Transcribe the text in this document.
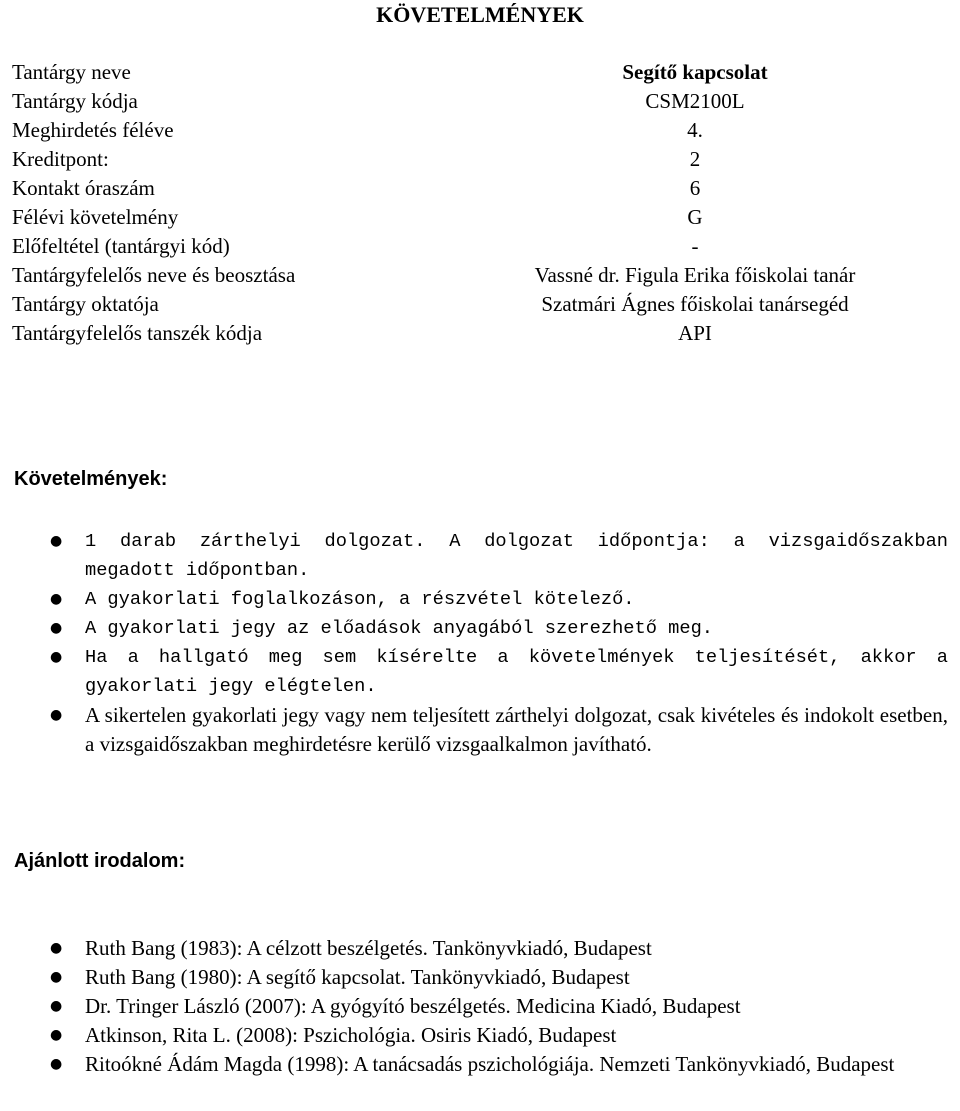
KÖVETELMÉNYEK
Tantárgy neve	Segítő kapcsolat
Tantárgy kódja	CSM2100L
Meghirdetés féléve	4.
Kreditpont:	2
Kontakt óraszám	6
Félévi követelmény	G
Előfeltétel (tantárgyi kód)	-
Tantárgyfelelős neve és beosztása	Vassné dr. Figula Erika főiskolai tanár
Tantárgy oktatója	Szatmári Ágnes főiskolai tanársegéd
Tantárgyfelelős tanszék kódja	API
Követelmények:
● 1 darab zárthelyi dolgozat. A dolgozat időpontja: a vizsgaidőszakban megadott időpontban.
● A gyakorlati foglalkozáson, a részvétel kötelező.
● A gyakorlati jegy az előadások anyagából szerezhető meg.
● Ha a hallgató meg sem kísérelte a követelmények teljesítését, akkor a gyakorlati jegy elégtelen.
● A sikertelen gyakorlati jegy vagy nem teljesített zárthelyi dolgozat, csak kivételes és indokolt esetben, a vizsgaidőszakban meghirdetésre kerülő vizsgaalkalmon javítható.
Ajánlott irodalom:
● Ruth Bang (1983): A célzott beszélgetés. Tankönyvkiadó, Budapest
● Ruth Bang (1980): A segítő kapcsolat. Tankönyvkiadó, Budapest
● Dr. Tringer László (2007): A gyógyító beszélgetés. Medicina Kiadó, Budapest
● Atkinson, Rita L. (2008): Pszichológia. Osiris Kiadó, Budapest
● Ritoókné Ádám Magda (1998): A tanácsadás pszichológiája. Nemzeti Tankönyvkiadó, Budapest
